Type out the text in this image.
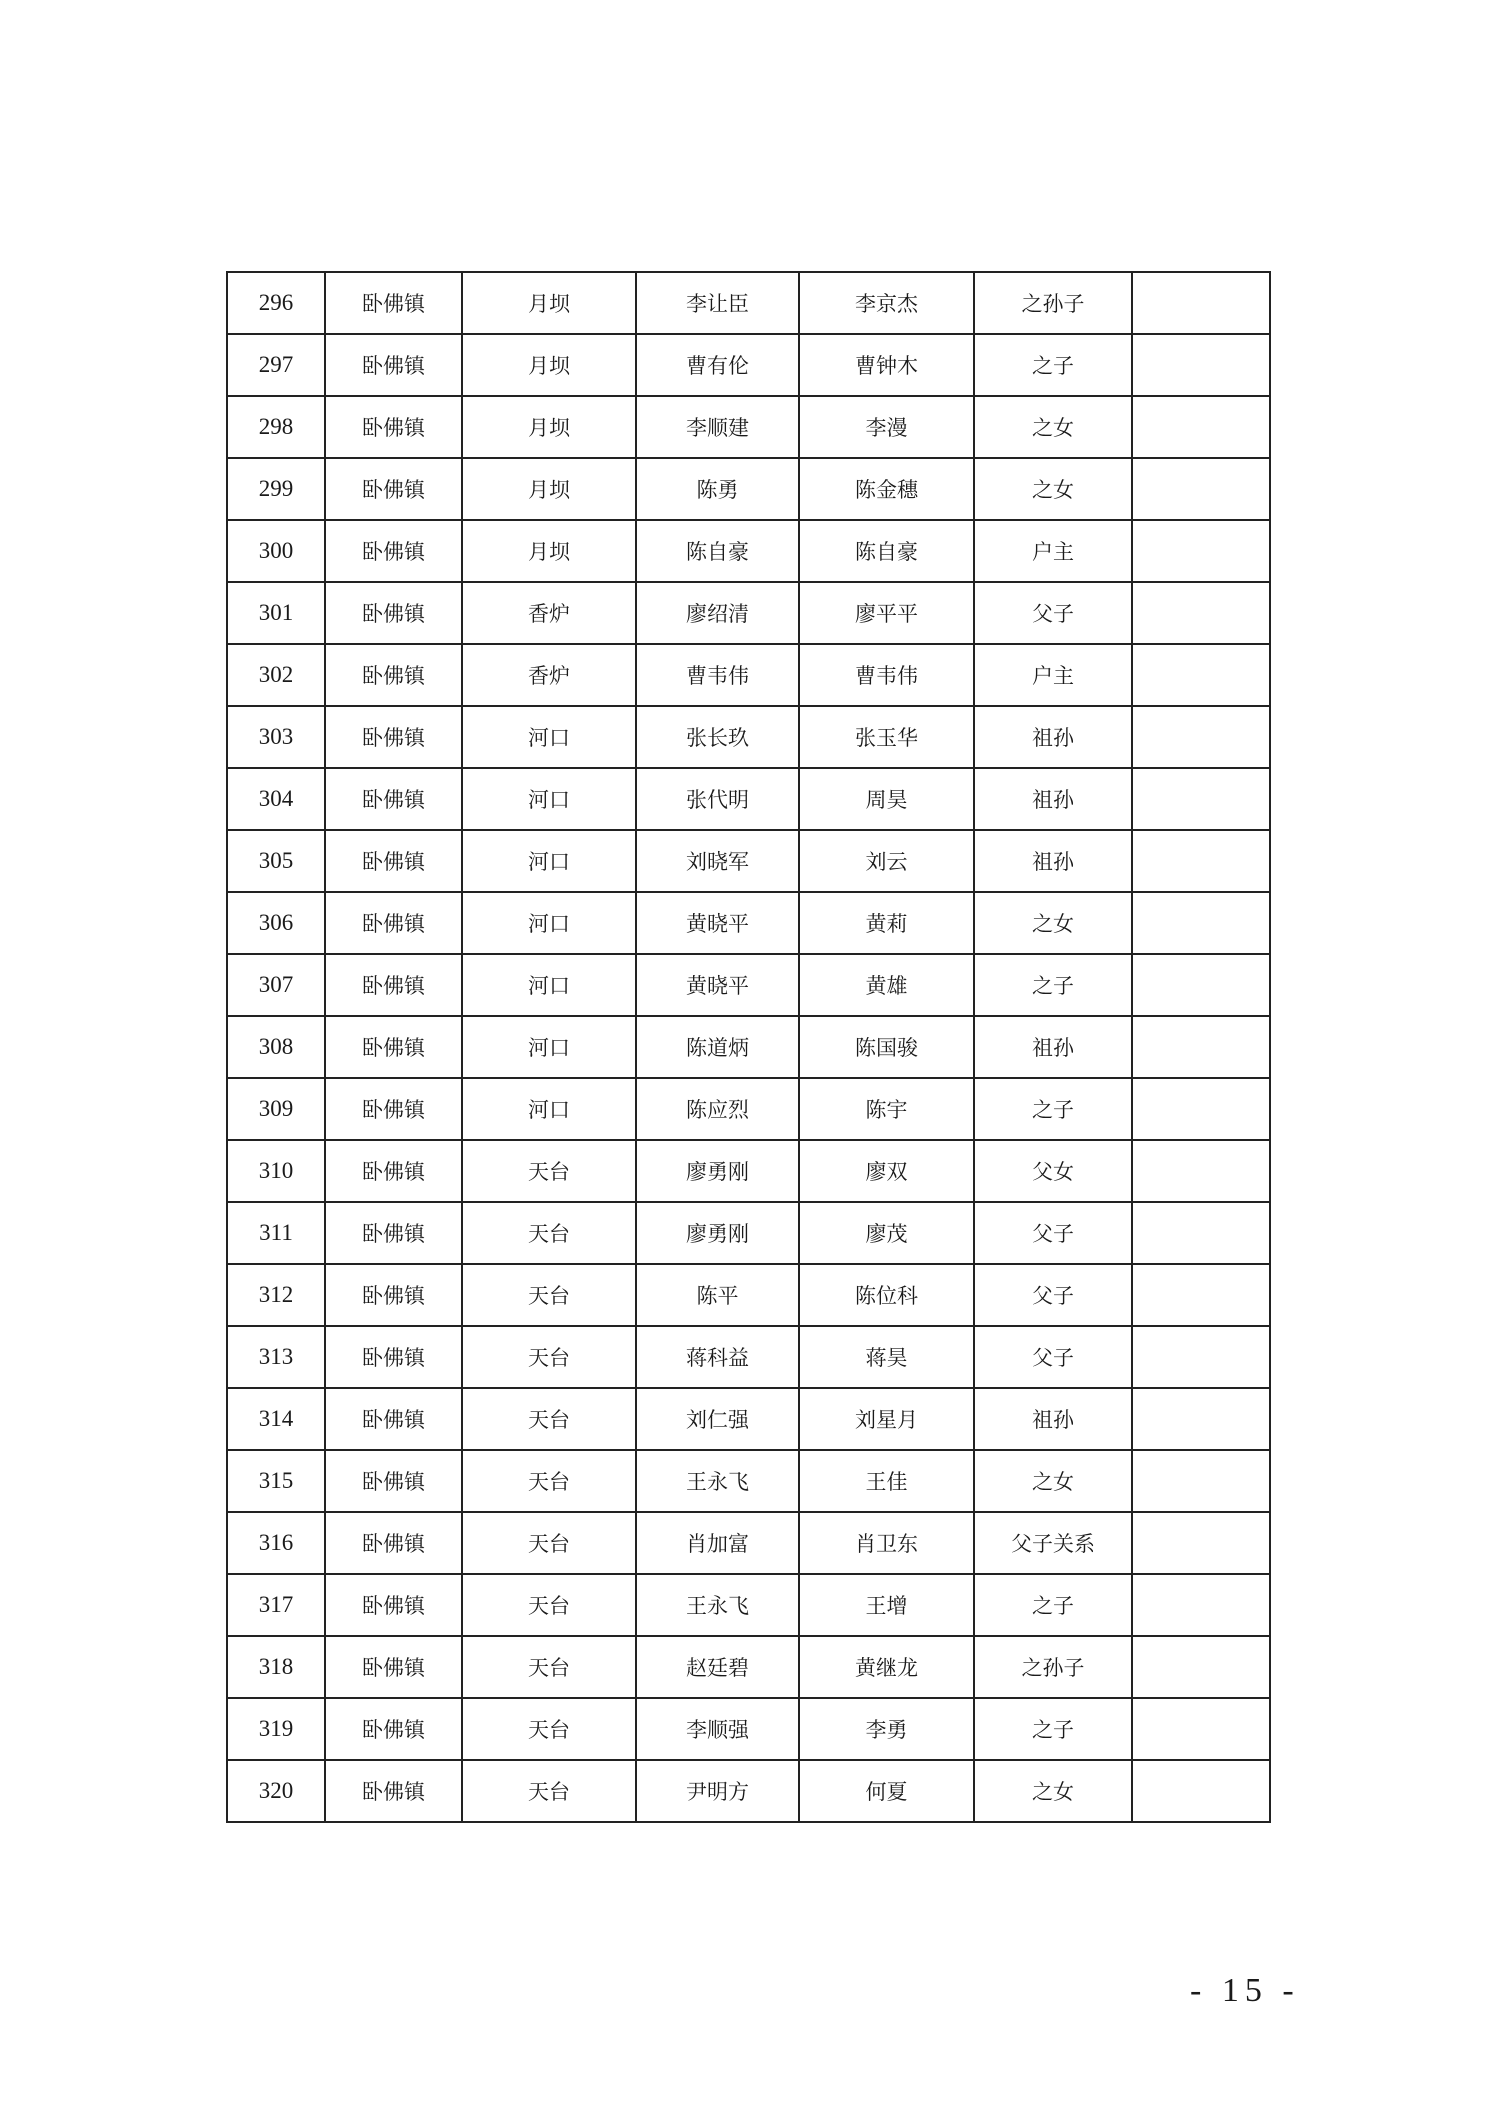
296	卧佛镇	月坝	李让臣	李京杰	之孙子	
297	卧佛镇	月坝	曹有伦	曹钟木	之子	
298	卧佛镇	月坝	李顺建	李漫	之女	
299	卧佛镇	月坝	陈勇	陈金穗	之女	
300	卧佛镇	月坝	陈自豪	陈自豪	户主	
301	卧佛镇	香炉	廖绍清	廖平平	父子	
302	卧佛镇	香炉	曹韦伟	曹韦伟	户主	
303	卧佛镇	河口	张长玖	张玉华	祖孙	
304	卧佛镇	河口	张代明	周昊	祖孙	
305	卧佛镇	河口	刘晓军	刘云	祖孙	
306	卧佛镇	河口	黄晓平	黄莉	之女	
307	卧佛镇	河口	黄晓平	黄雄	之子	
308	卧佛镇	河口	陈道炳	陈国骏	祖孙	
309	卧佛镇	河口	陈应烈	陈宇	之子	
310	卧佛镇	天台	廖勇刚	廖双	父女	
311	卧佛镇	天台	廖勇刚	廖茂	父子	
312	卧佛镇	天台	陈平	陈位科	父子	
313	卧佛镇	天台	蒋科益	蒋昊	父子	
314	卧佛镇	天台	刘仁强	刘星月	祖孙	
315	卧佛镇	天台	王永飞	王佳	之女	
316	卧佛镇	天台	肖加富	肖卫东	父子关系	
317	卧佛镇	天台	王永飞	王增	之子	
318	卧佛镇	天台	赵廷碧	黄继龙	之孙子	
319	卧佛镇	天台	李顺强	李勇	之子	
320	卧佛镇	天台	尹明方	何夏	之女	
- 15 -
